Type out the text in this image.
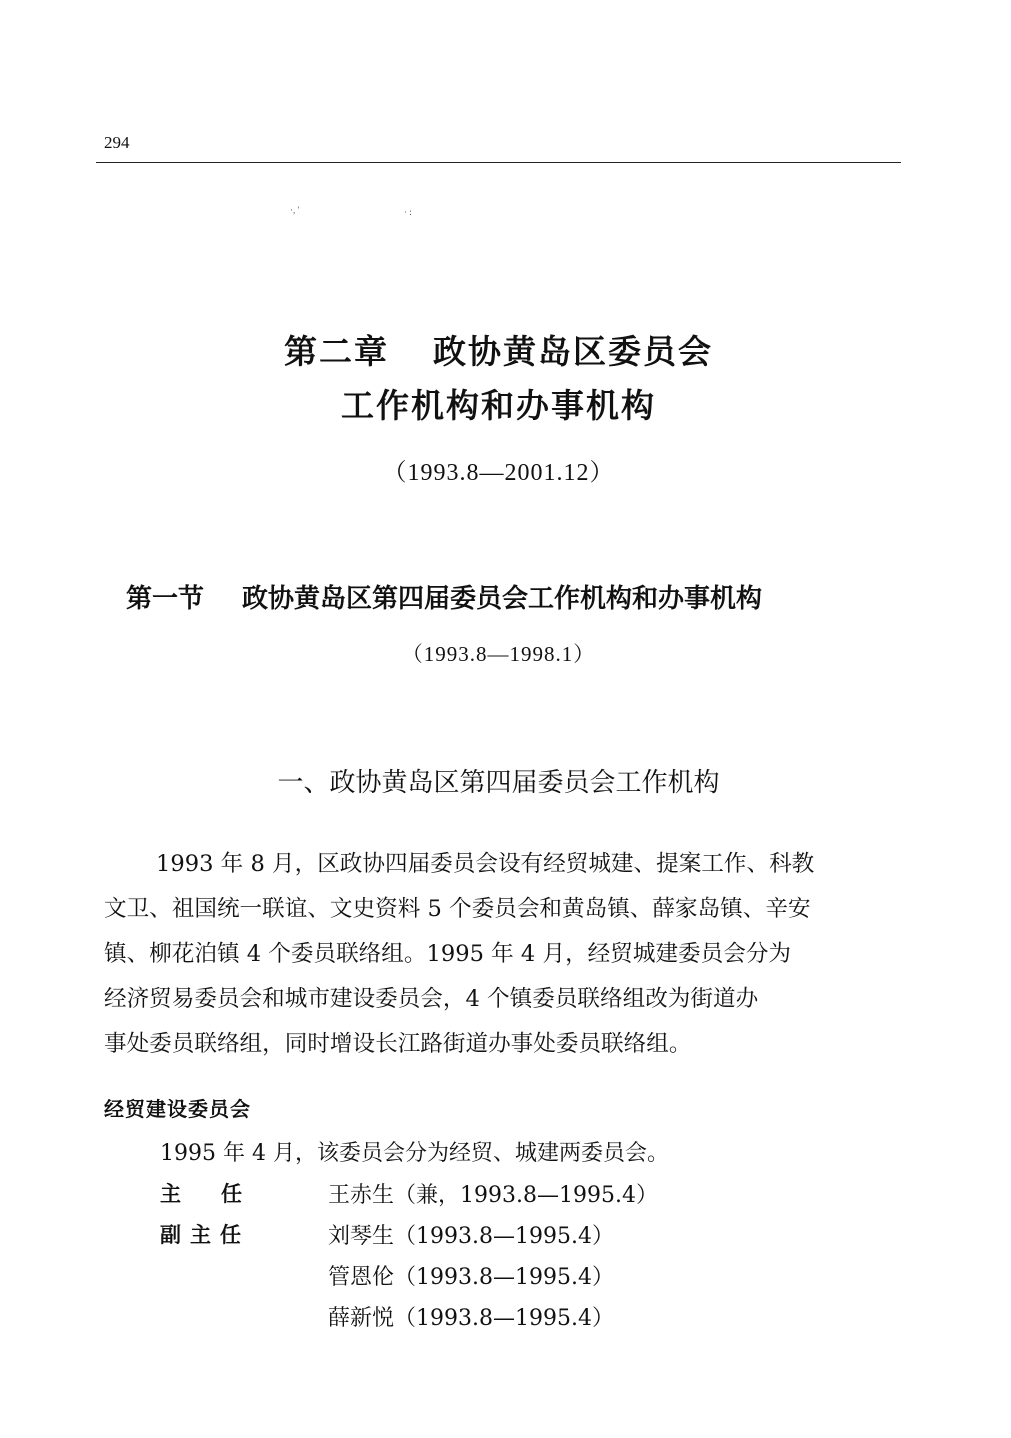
294
·, '	· :
第二章 政协黄岛区委员会
工作机构和办事机构
（1993.8—2001.12）
第一节 政协黄岛区第四届委员会工作机构和办事机构
（1993.8—1998.1）
一、政协黄岛区第四届委员会工作机构
1993 年 8 月，区政协四届委员会设有经贸城建、提案工作、科教
文卫、祖国统一联谊、文史资料 5 个委员会和黄岛镇、薛家岛镇、辛安
镇、柳花泊镇 4 个委员联络组。1995 年 4 月，经贸城建委员会分为
经济贸易委员会和城市建设委员会，4 个镇委员联络组改为街道办
事处委员联络组，同时增设长江路街道办事处委员联络组。
经贸建设委员会
1995 年 4 月，该委员会分为经贸、城建两委员会。
主任 王赤生（兼，1993.8—1995.4）
副主任	刘琴生（1993.8—1995.4）
管恩伦（1993.8—1995.4）
薛新悦（1993.8—1995.4）
